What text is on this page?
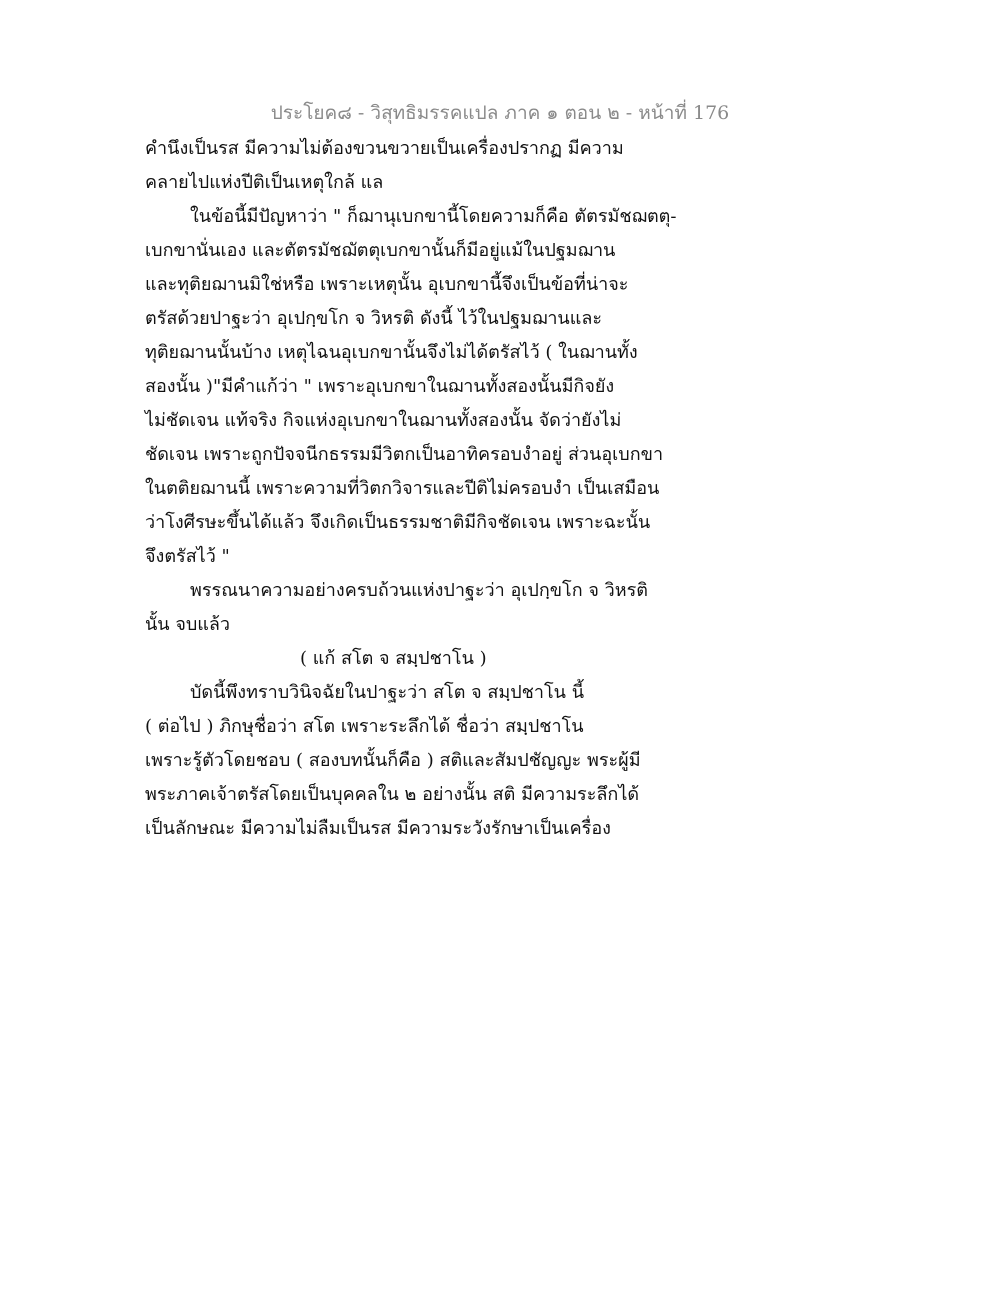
ประโยค๘ - วิสุทธิมรรคแปล ภาค ๑ ตอน ๒ - หน้าที่ 176
คำนึงเป็นรส มีความไม่ต้องขวนขวายเป็นเครื่องปรากฏ มีความ
คลายไปแห่งปีติเป็นเหตุใกล้ แล
ในข้อนี้มีปัญหาว่า " ก็ฌานุเบกขานี้โดยความก็คือ ตัตรมัชฌตตุ-
เบกขานั่นเอง และตัตรมัชฌัตตุเบกขานั้นก็มีอยู่แม้ในปฐมฌาน
และทุติยฌานมิใช่หรือ เพราะเหตุนั้น อุเบกขานี้จึงเป็นข้อที่น่าจะ
ตรัสด้วยปาฐะว่า อุเปกฺขโก จ วิหรติ ดังนี้ ไว้ในปฐมฌานและ
ทุติยฌานนั้นบ้าง เหตุไฉนอุเบกขานั้นจึงไม่ได้ตรัสไว้ ( ในฌานทั้ง
สองนั้น )"มีคำแก้ว่า " เพราะอุเบกขาในฌานทั้งสองนั้นมีกิจยัง
ไม่ชัดเจน แท้จริง กิจแห่งอุเบกขาในฌานทั้งสองนั้น จัดว่ายังไม่
ชัดเจน เพราะถูกปัจจนีกธรรมมีวิตกเป็นอาทิครอบงำอยู่ ส่วนอุเบกขา
ในตติยฌานนี้ เพราะความที่วิตกวิจารและปีติไม่ครอบงำ เป็นเสมือน
ว่าโงศีรษะขึ้นได้แล้ว จึงเกิดเป็นธรรมชาติมีกิจชัดเจน เพราะฉะนั้น
จึงตรัสไว้ "
พรรณนาความอย่างครบถ้วนแห่งปาฐะว่า อุเปกฺขโก จ วิหรติ
นั้น จบแล้ว
( แก้ สโต จ สมฺปชาโน )
บัดนี้พึงทราบวินิจฉัยในปาฐะว่า สโต จ สมฺปชาโน นี้
( ต่อไป ) ภิกษุชื่อว่า สโต เพราะระลึกได้ ชื่อว่า สมฺปชาโน
เพราะรู้ตัวโดยชอบ ( สองบทนั้นก็คือ ) สติและสัมปชัญญะ พระผู้มี
พระภาคเจ้าตรัสโดยเป็นบุคคลใน ๒ อย่างนั้น สติ มีความระลึกได้
เป็นลักษณะ มีความไม่ลืมเป็นรส มีความระวังรักษาเป็นเครื่อง
